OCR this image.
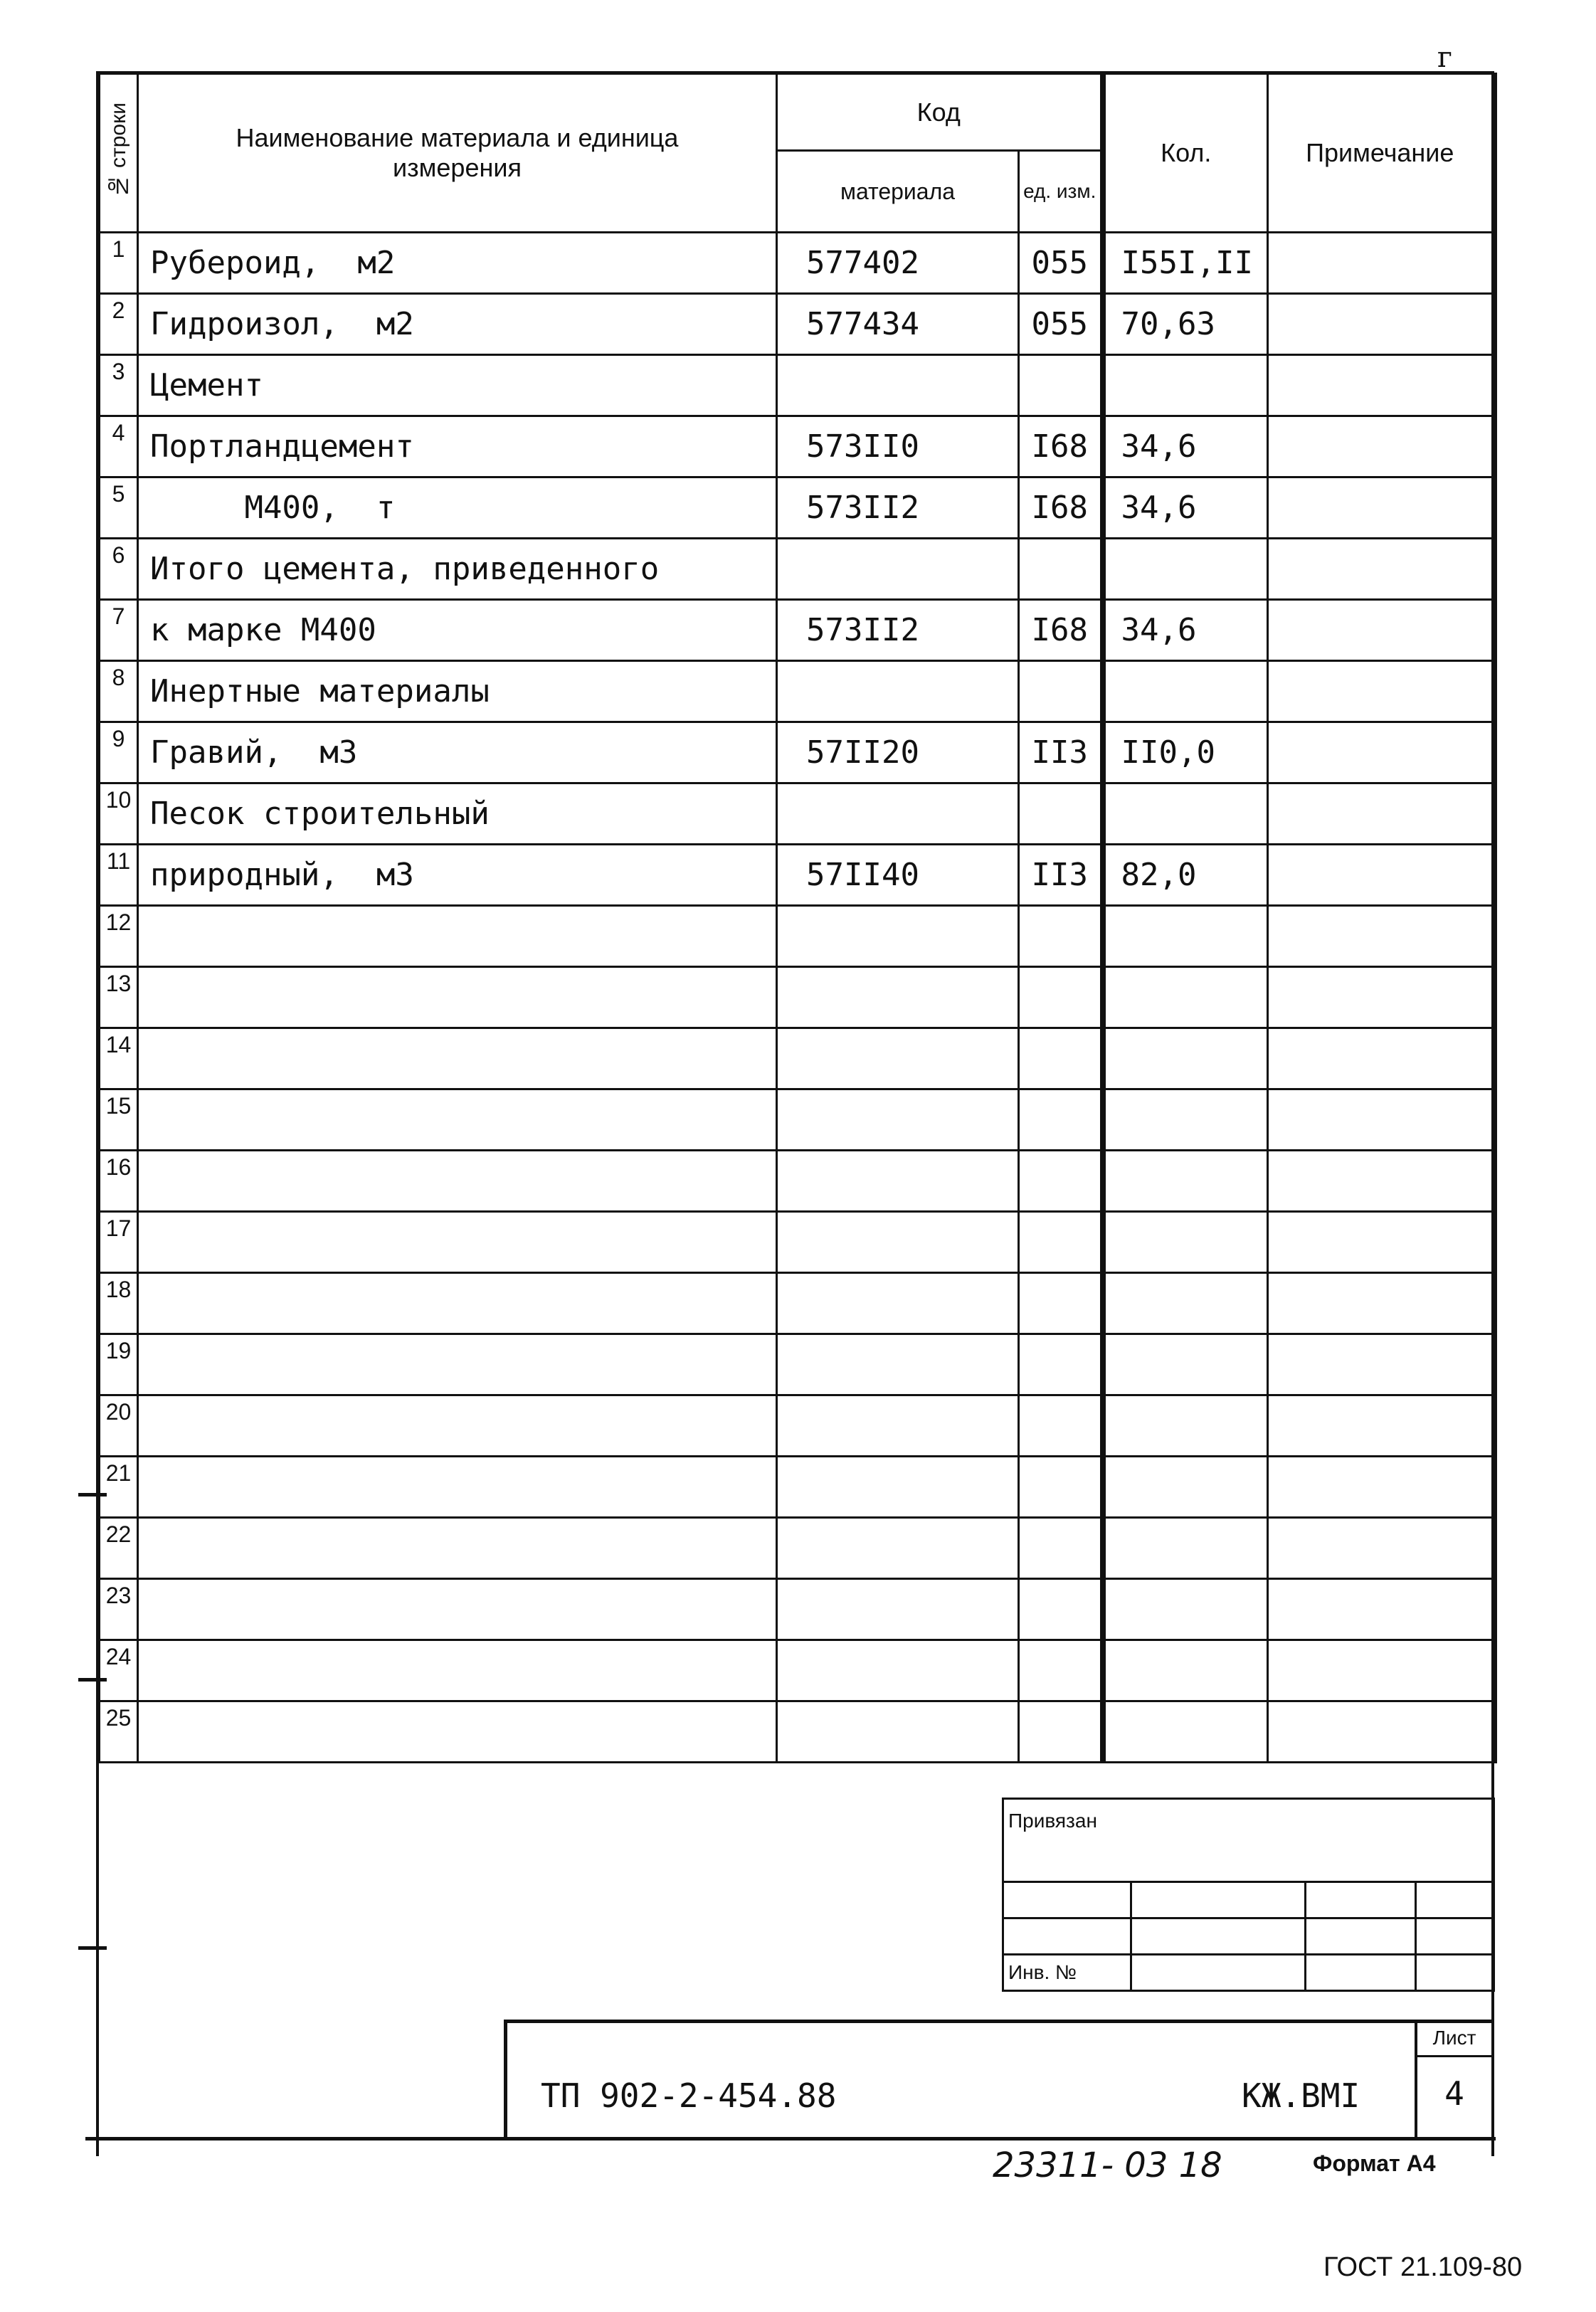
г
№ строки	Наименование материала и единица измерения	Код		Кол.	Примечание
		материала	ед. изм.		
1	Рубероид,  м2	577402	055	I55I,II	
2	Гидроизол,  м2	577434	055	70,63	
3	Цемент				
4	Портландцемент	573II0	I68	34,6	
5	M400,  т	573II2	I68	34,6	
6	Итого цемента, приведенного				
7	к марке М400	573II2	I68	34,6	
8	Инертные материалы				
9	Гравий,  м3	57II20	II3	II0,0	
10	Песок строительный				
11	природный,  м3	57II40	II3	82,0	
12					
13					
14					
15					
16					
17					
18					
19					
20					
21					
22					
23					
24					
25					
Привязан			

Инв. №			
ТП 902-2-454.88	КЖ.ВМI
Лист
4
23311- 03 18	Формат А4
ГОСТ 21.109-80
